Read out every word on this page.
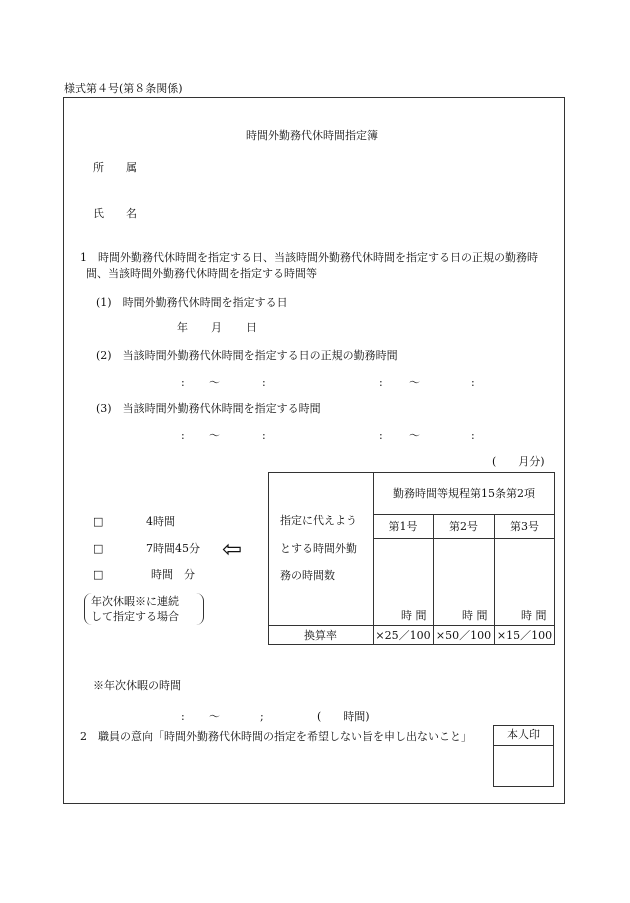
様式第４号(第８条関係)
時間外勤務代休時間指定簿
所　　属
氏　　名
1　時間外勤務代休時間を指定する日、当該時間外勤務代休時間を指定する日の正規の勤務時
間、当該時間外勤務代休時間を指定する時間等
(1)　時間外勤務代休時間を指定する日
年 月 日
(2)　当該時間外勤務代休時間を指定する日の正規の勤務時間
: 〜	:	: 〜	:
(3)　当該時間外勤務代休時間を指定する時間
: 〜	:	: 〜	:
(　　月分)
□	4時間
□	7時間45分
□	時間　分
⇦
年次休暇※に連続
して指定する場合
指定に代えよう
とする時間外勤
務の時間数
勤務時間等規程第15条第2項
第1号	第2号	第3号
時 間	時 間	時 間
換算率	×25／100 ×50／100 ×15／100
※年次休暇の時間
: 〜	;	(　　時間)
2　職員の意向「時間外勤務代休時間の指定を希望しない旨を申し出ないこと」	本人印
